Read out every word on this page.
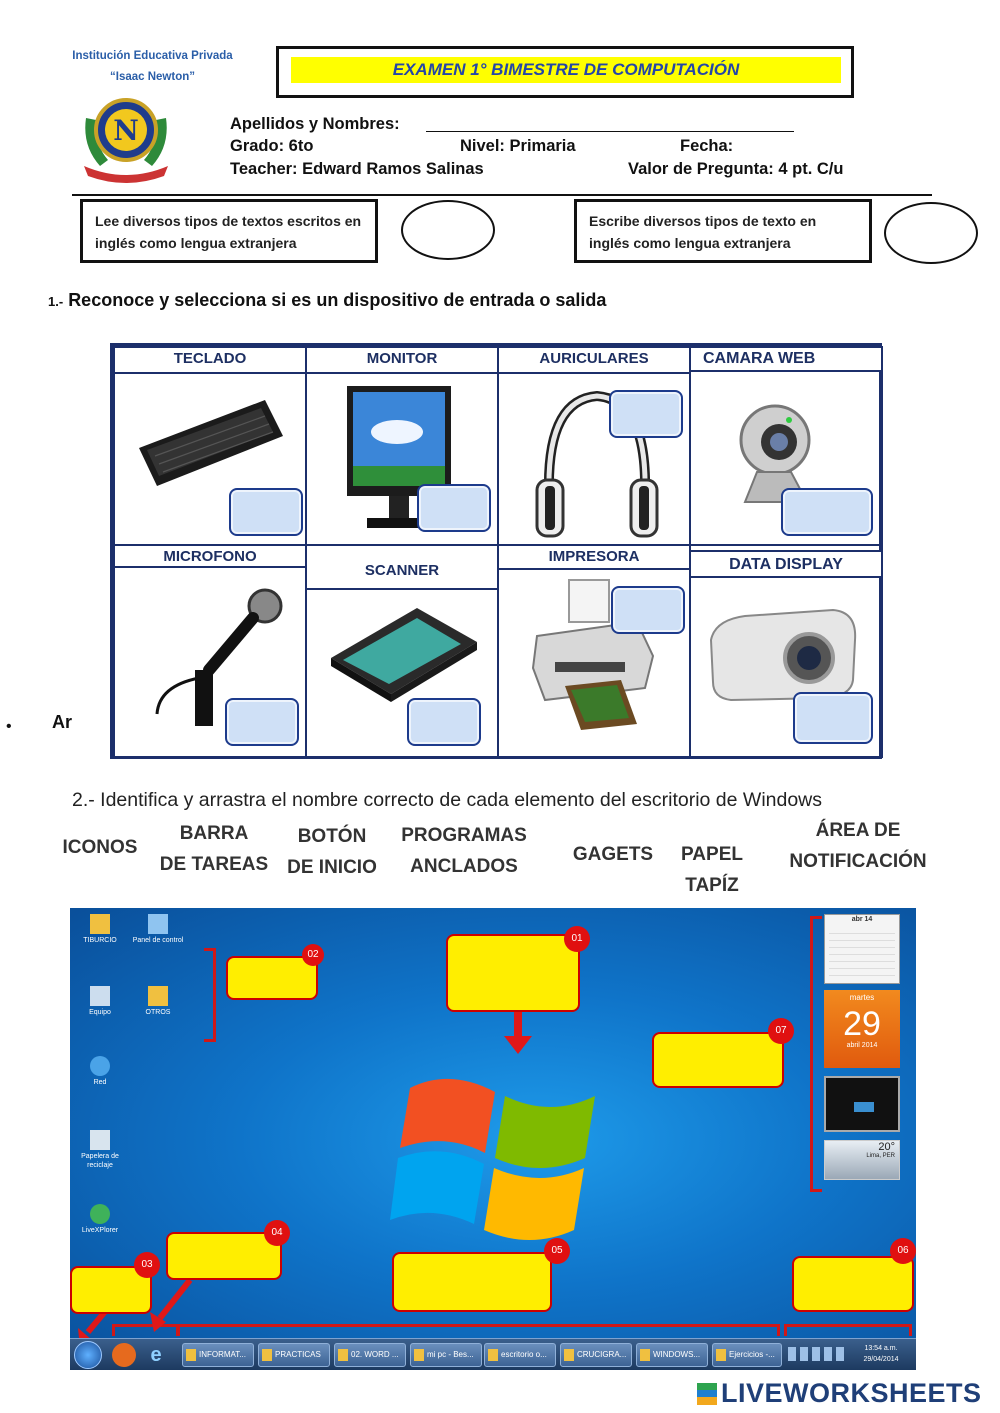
Institución Educativa Privada
“Isaac Newton”
N
EXAMEN 1° BIMESTRE DE COMPUTACIÓN
Apellidos y Nombres:
Grado: 6to	Nivel: Primaria	Fecha:
Teacher: Edward Ramos Salinas	Valor de Pregunta: 4 pt. C/u
Lee diversos tipos de textos escritos en inglés como lengua extranjera
Escribe diversos tipos de texto en inglés como lengua extranjera
1.- Reconoce y selecciona si es un dispositivo de entrada o salida
TECLADO	MONITOR	AURICULARES	CAMARA WEB
MICROFONO
SCANNER
IMPRESORA	DATA DISPLAY
• Ar
2.- Identifica y arrastra el nombre correcto de cada elemento del escritorio de Windows
ICONOS
BARRA
DE TAREAS
BOTÓN
DE INICIO
PROGRAMAS
ANCLADOS
GAGETS	PAPEL
TAPÍZ
ÁREA DE
NOTIFICACIÓN
TIBURCIO	Panel de control
Equipo	OTROS
Red
Papelera de reciclaje
LiveXPlorer
01
02
03
04
05	06
07
abr 14
martes
29
abril 2014
20°
Lima, PER
e	INFORMAT...	PRACTICAS	02. WORD ...	mi pc - Bes...	escritorio o...	CRUCIGRA...	WINDOWS...	Ejercicios -...
13:54 a.m.
29/04/2014
LIVEWORKSHEETS
